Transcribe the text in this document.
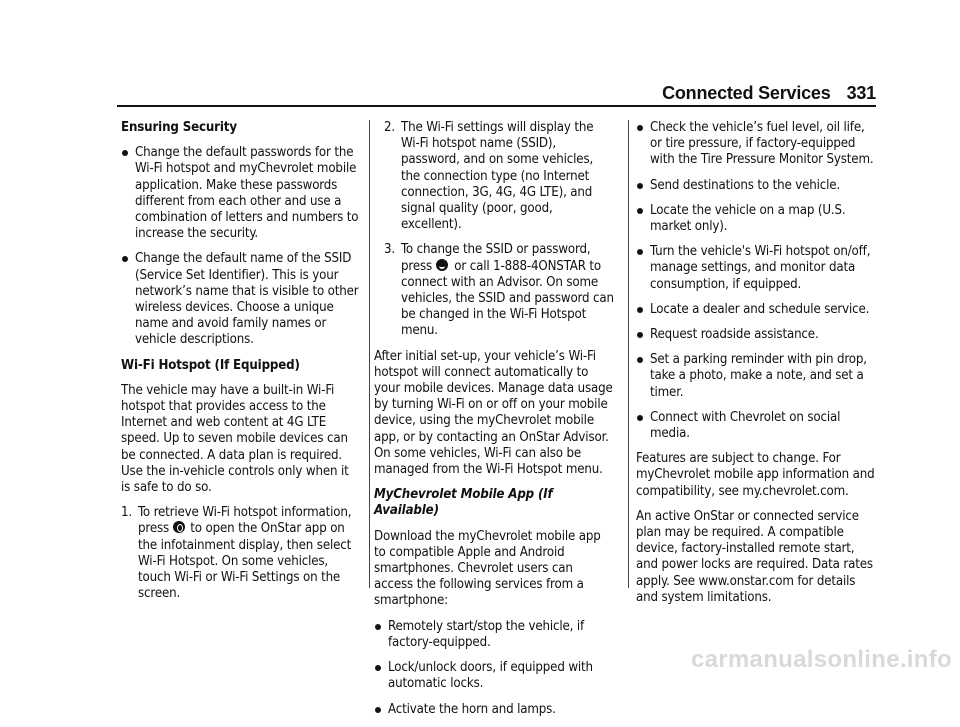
Connected Services 331

Ensuring Security

Change the default passwords for the Wi-Fi hotspot and myChevrolet mobile application. Make these passwords different from each other and use a combination of letters and numbers to increase the security.

Change the default name of the SSID (Service Set Identifier). This is your network’s name that is visible to other wireless devices. Choose a unique name and avoid family names or vehicle descriptions.

Wi-Fi Hotspot (If Equipped)

The vehicle may have a built-in Wi-Fi hotspot that provides access to the Internet and web content at 4G LTE speed. Up to seven mobile devices can be connected. A data plan is required. Use the in-vehicle controls only when it is safe to do so.

1. To retrieve Wi-Fi hotspot information, press to open the OnStar app on the infotainment display, then select Wi-Fi Hotspot. On some vehicles, touch Wi-Fi or Wi-Fi Settings on the screen.

2. The Wi-Fi settings will display the Wi-Fi hotspot name (SSID), password, and on some vehicles, the connection type (no Internet connection, 3G, 4G, 4G LTE), and signal quality (poor, good, excellent).

3. To change the SSID or password, press or call 1-888-4ONSTAR to connect with an Advisor. On some vehicles, the SSID and password can be changed in the Wi-Fi Hotspot menu.

After initial set-up, your vehicle’s Wi-Fi hotspot will connect automatically to your mobile devices. Manage data usage by turning Wi-Fi on or off on your mobile device, using the myChevrolet mobile app, or by contacting an OnStar Advisor. On some vehicles, Wi-Fi can also be managed from the Wi-Fi Hotspot menu.

MyChevrolet Mobile App (If Available)

Download the myChevrolet mobile app to compatible Apple and Android smartphones. Chevrolet users can access the following services from a smartphone:

Remotely start/stop the vehicle, if factory-equipped.

Lock/unlock doors, if equipped with automatic locks.

Activate the horn and lamps.

Check the vehicle’s fuel level, oil life, or tire pressure, if factory-equipped with the Tire Pressure Monitor System.

Send destinations to the vehicle.

Locate the vehicle on a map (U.S. market only).

Turn the vehicle's Wi-Fi hotspot on/off, manage settings, and monitor data consumption, if equipped.

Locate a dealer and schedule service.

Request roadside assistance.

Set a parking reminder with pin drop, take a photo, make a note, and set a timer.

Connect with Chevrolet on social media.

Features are subject to change. For myChevrolet mobile app information and compatibility, see my.chevrolet.com.

An active OnStar or connected service plan may be required. A compatible device, factory-installed remote start, and power locks are required. Data rates apply. See www.onstar.com for details and system limitations.

carmanualsonline.info
